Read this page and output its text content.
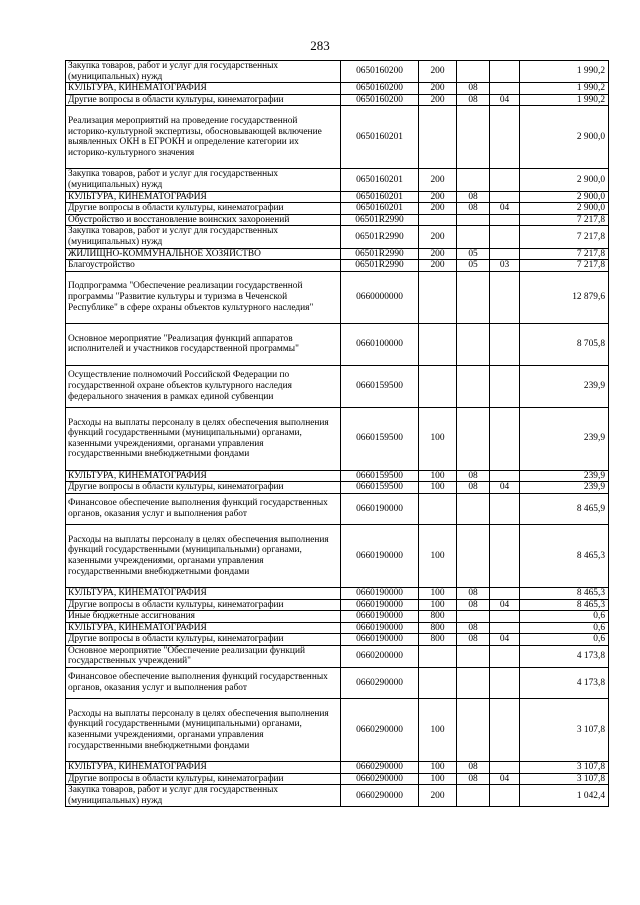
283
Закупка товаров, работ и услуг для государственных (муниципальных) нужд	0650160200	200			1 990,2
КУЛЬТУРА, КИНЕМАТОГРАФИЯ	0650160200	200	08		1 990,2
Другие вопросы в области культуры, кинематографии	0650160200	200	08	04	1 990,2
Реализация мероприятий на проведение государственной историко-культурной экспертизы, обосновывающей включение выявленных ОКН в ЕГРОКН и определение категории их историко-культурного значения	0650160201				2 900,0
Закупка товаров, работ и услуг для государственных (муниципальных) нужд	0650160201	200			2 900,0
КУЛЬТУРА, КИНЕМАТОГРАФИЯ	0650160201	200	08		2 900,0
Другие вопросы в области культуры, кинематографии	0650160201	200	08	04	2 900,0
Обустройство и восстановление воинских захоронений	06501R2990				7 217,8
Закупка товаров, работ и услуг для государственных (муниципальных) нужд	06501R2990	200			7 217,8
ЖИЛИЩНО-КОММУНАЛЬНОЕ ХОЗЯЙСТВО	06501R2990	200	05		7 217,8
Благоустройство	06501R2990	200	05	03	7 217,8
Подпрограмма "Обеспечение реализации государственной программы "Развитие культуры и туризма в Чеченской Республике" в сфере охраны объектов культурного наследия"	0660000000				12 879,6
Основное мероприятие "Реализация функций аппаратов исполнителей и участников государственной программы"	0660100000				8 705,8
Осуществление полномочий Российской Федерации по государственной охране объектов культурного наследия федерального значения в рамках единой субвенции	0660159500				239,9
Расходы на выплаты персоналу в целях обеспечения выполнения функций государственными (муниципальными) органами, казенными учреждениями, органами управления государственными внебюджетными фондами	0660159500	100			239,9
КУЛЬТУРА, КИНЕМАТОГРАФИЯ	0660159500	100	08		239,9
Другие вопросы в области культуры, кинематографии	0660159500	100	08	04	239,9
Финансовое обеспечение выполнения функций государственных органов, оказания услуг и выполнения работ	0660190000				8 465,9
Расходы на выплаты персоналу в целях обеспечения выполнения функций государственными (муниципальными) органами, казенными учреждениями, органами управления государственными внебюджетными фондами	0660190000	100			8 465,3
КУЛЬТУРА, КИНЕМАТОГРАФИЯ	0660190000	100	08		8 465,3
Другие вопросы в области культуры, кинематографии	0660190000	100	08	04	8 465,3
Иные бюджетные ассигнования	0660190000	800			0,6
КУЛЬТУРА, КИНЕМАТОГРАФИЯ	0660190000	800	08		0,6
Другие вопросы в области культуры, кинематографии	0660190000	800	08	04	0,6
Основное мероприятие "Обеспечение реализации функций государственных учреждений"	0660200000				4 173,8
Финансовое обеспечение выполнения функций государственных органов, оказания услуг и выполнения работ	0660290000				4 173,8
Расходы на выплаты персоналу в целях обеспечения выполнения функций государственными (муниципальными) органами, казенными учреждениями, органами управления государственными внебюджетными фондами	0660290000	100			3 107,8
КУЛЬТУРА, КИНЕМАТОГРАФИЯ	0660290000	100	08		3 107,8
Другие вопросы в области культуры, кинематографии	0660290000	100	08	04	3 107,8
Закупка товаров, работ и услуг для государственных (муниципальных) нужд	0660290000	200			1 042,4
